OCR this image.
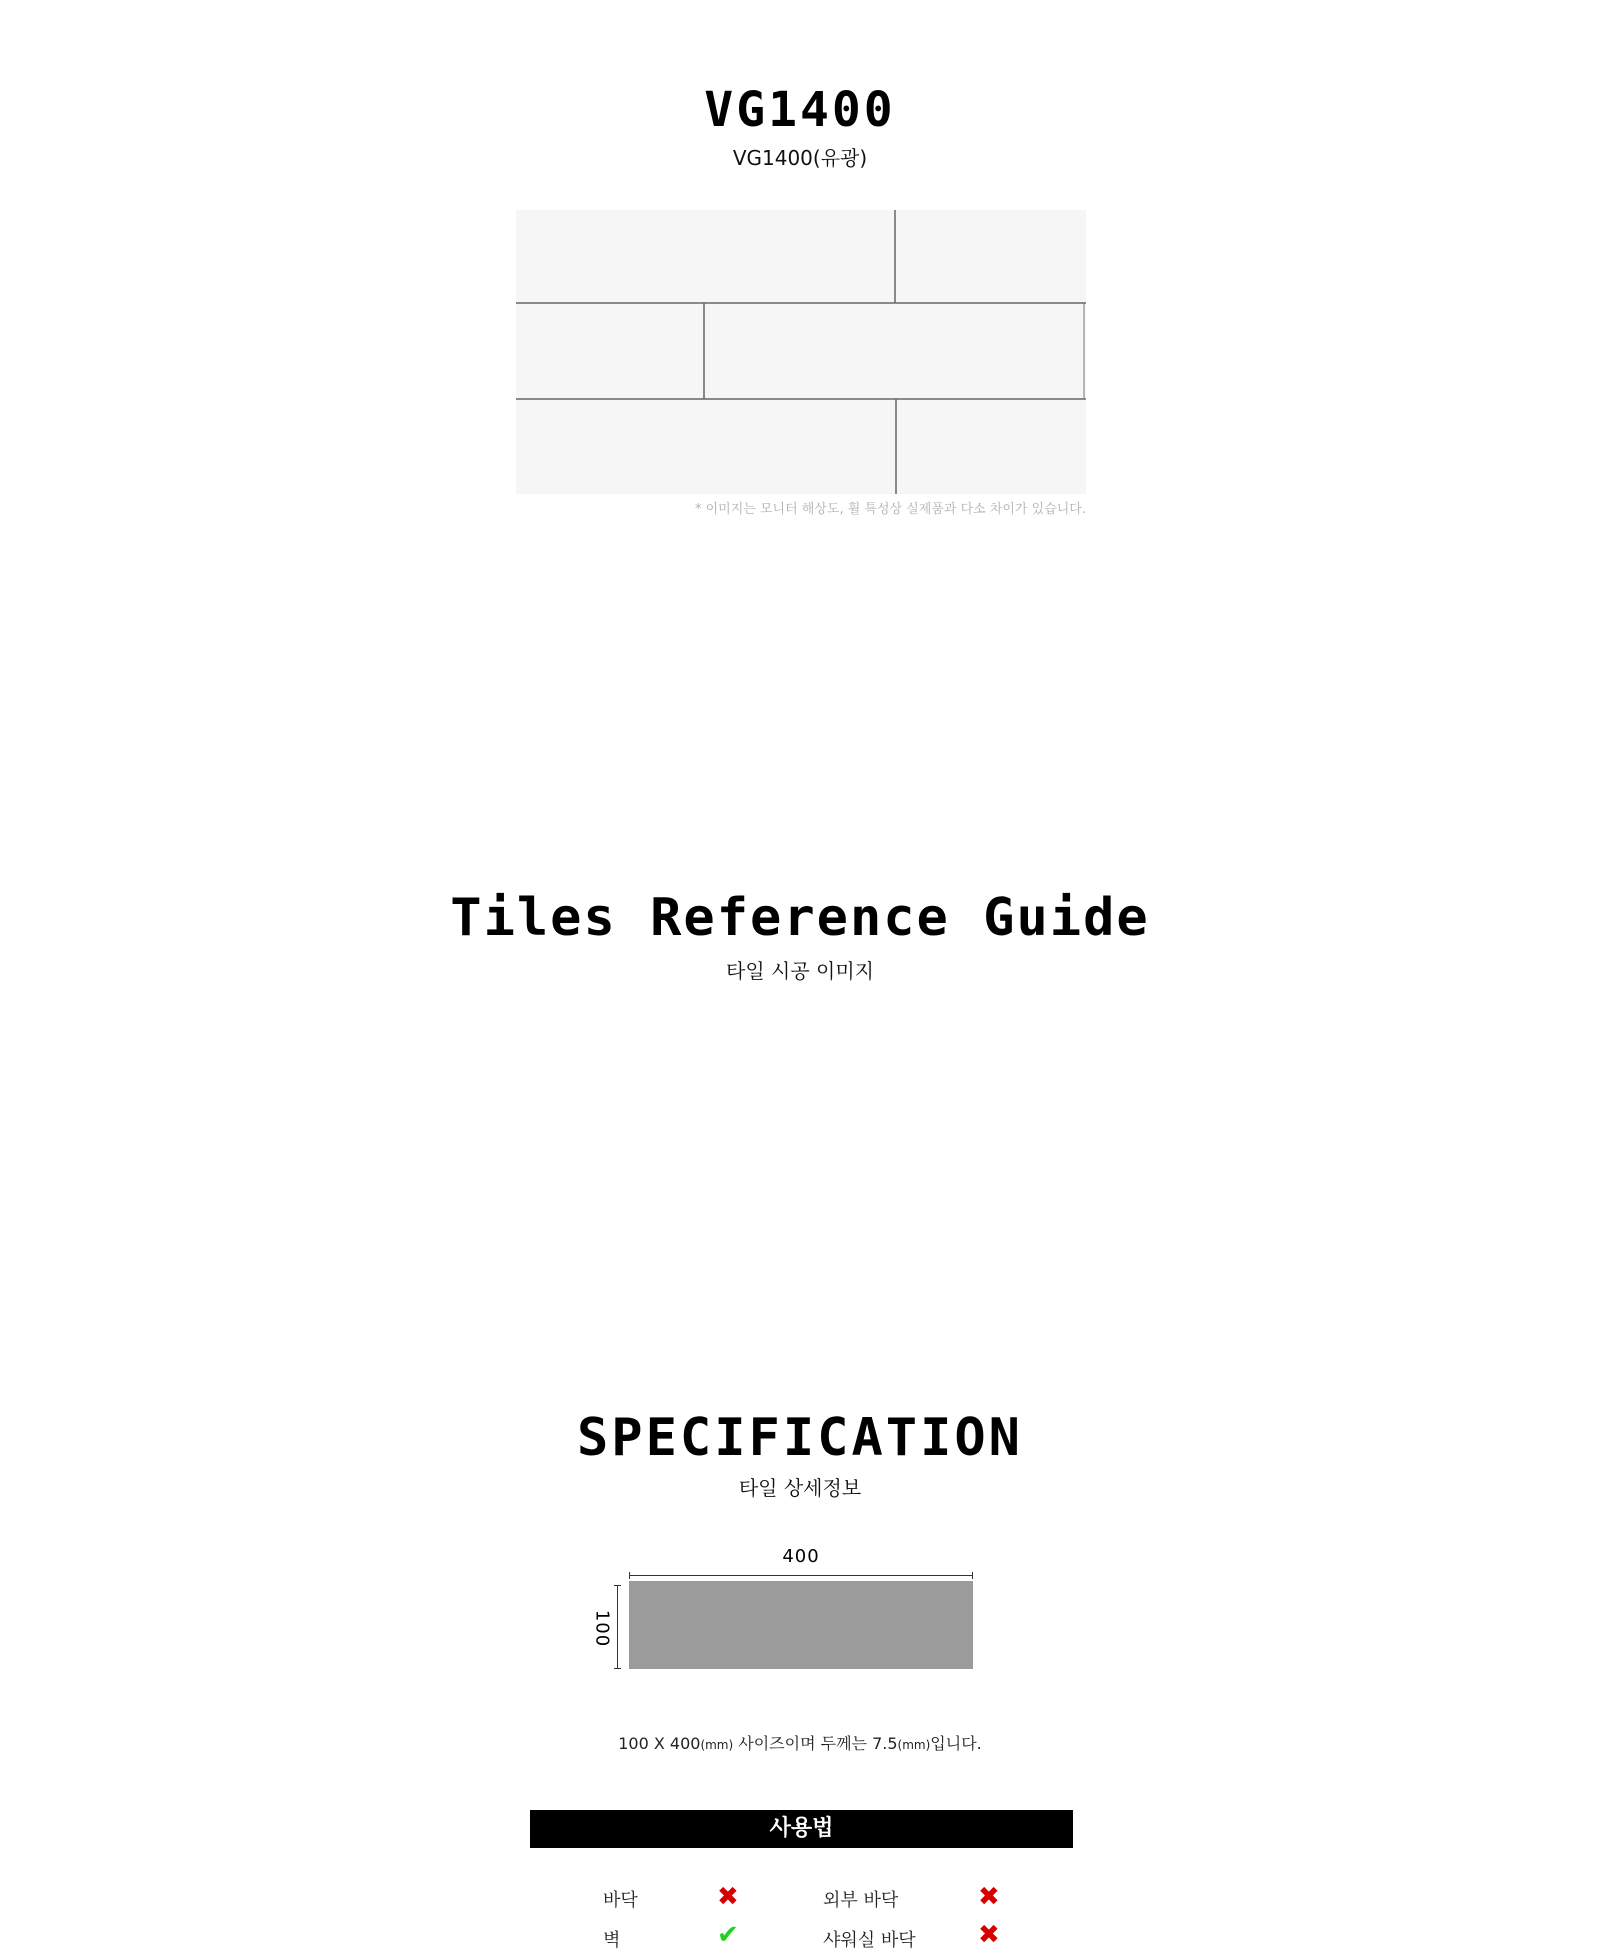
VG1400
VG1400(유광)
* 이미지는 모니터 해상도, 휠 특성상 실제품과 다소 차이가 있습니다.
Tiles Reference Guide
타일 시공 이미지
SPECIFICATION
타일 상세정보
400
100
100 X 400(mm) 사이즈이며 두께는 7.5(mm)입니다.
사용법
바닥	✖	외부 바닥	✖
벽	✔	샤워실 바닥 ✖
